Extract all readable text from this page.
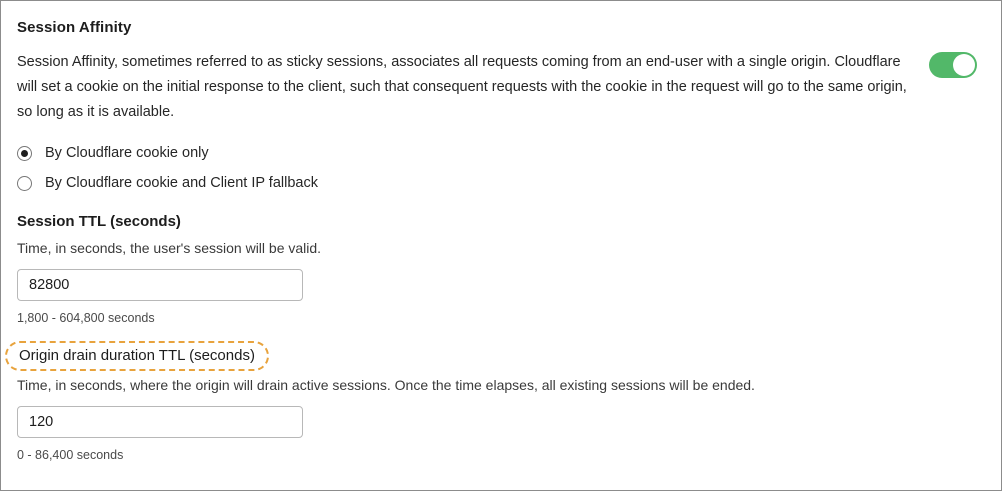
Session Affinity

Session Affinity, sometimes referred to as sticky sessions, associates all requests coming from an end-user with a single origin. Cloudflare will set a cookie on the initial response to the client, such that consequent requests with the cookie in the request will go to the same origin, so long as it is available.

By Cloudflare cookie only
By Cloudflare cookie and Client IP fallback
Session TTL (seconds)

Time, in seconds, the user's session will be valid.

82800

1,800 - 604,800 seconds

Origin drain duration TTL (seconds)

Time, in seconds, where the origin will drain active sessions. Once the time elapses, all existing sessions will be ended.

120

0 - 86,400 seconds
